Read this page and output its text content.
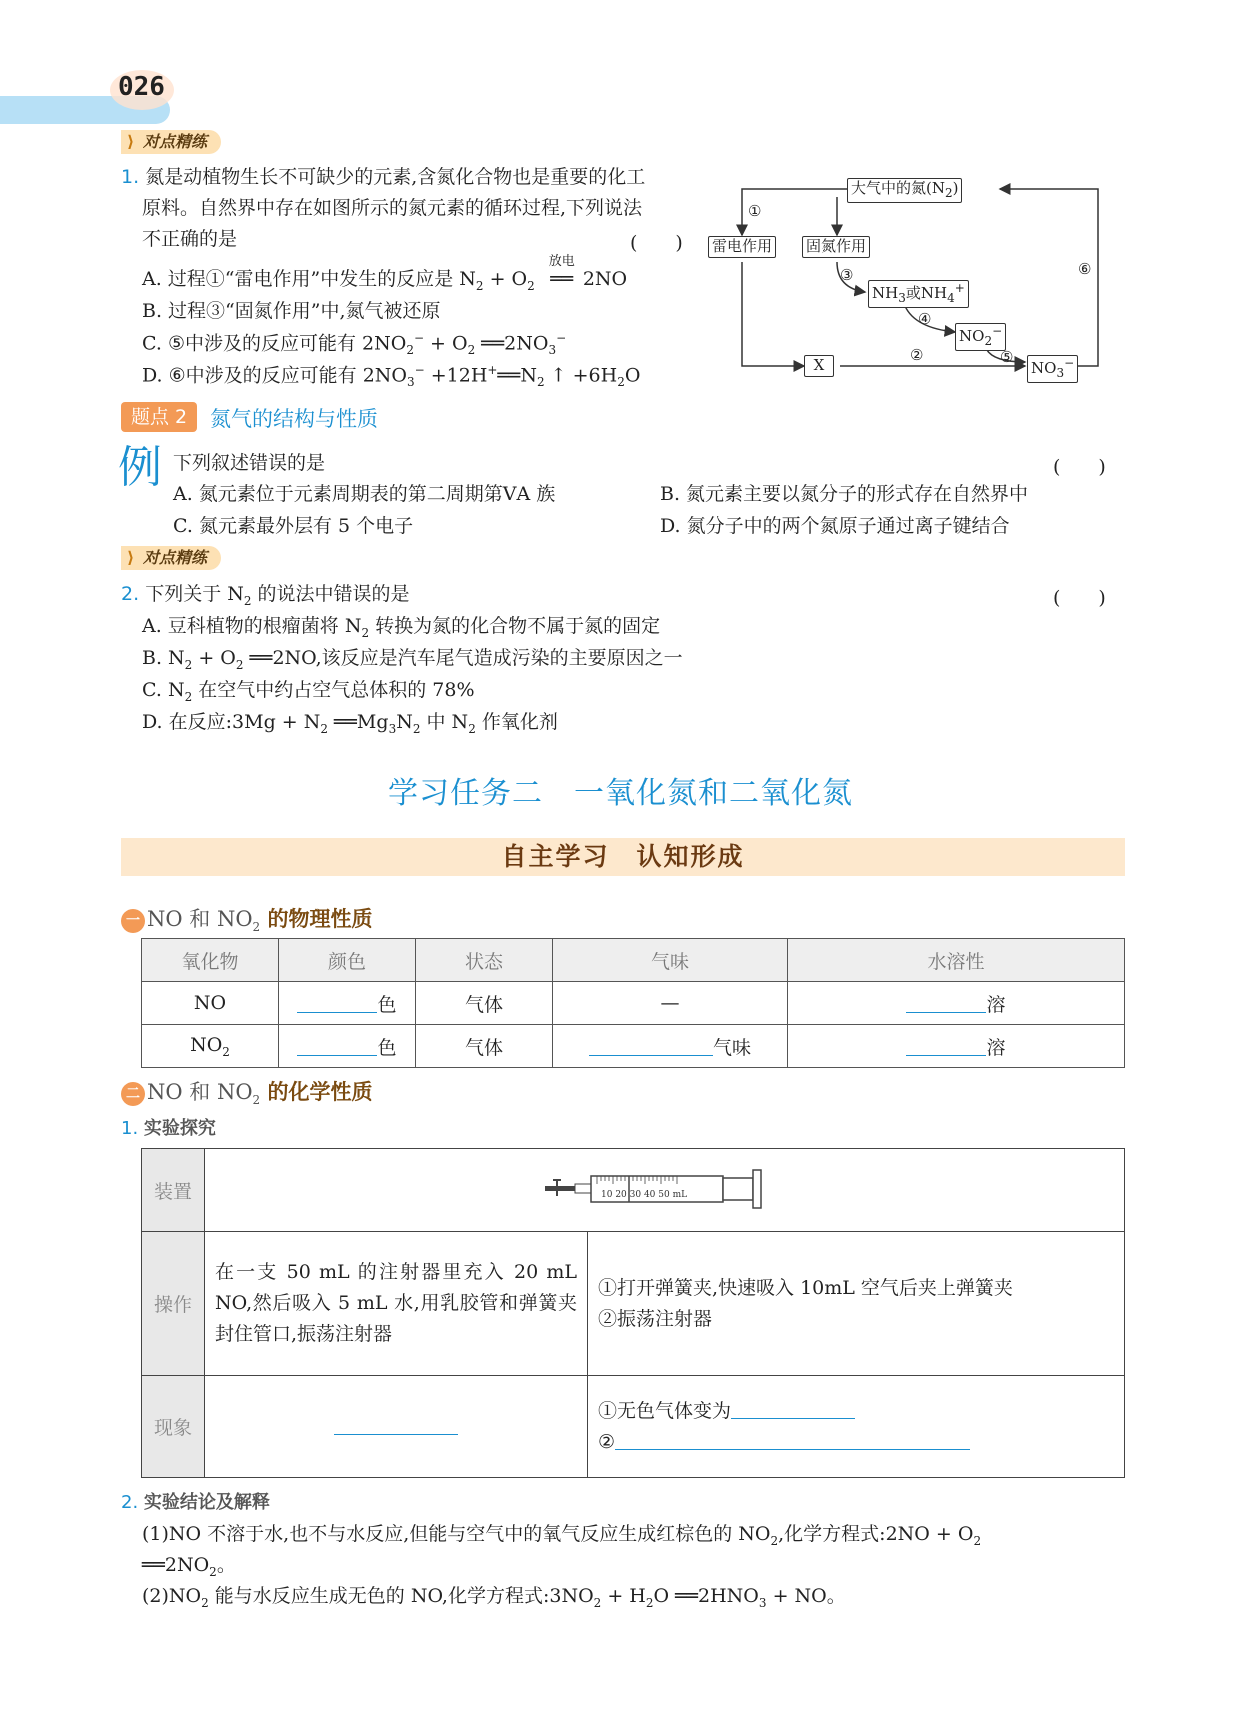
026
⟩ 对点精练
1. 氮是动植物生长不可缺少的元素,含氮化合物也是重要的化工
原料。自然界中存在如图所示的氮元素的循环过程,下列说法
不正确的是	(　　)
A. 过程①“雷电作用”中发生的反应是 $N_2 + O_2$
放电
══ 2NO
B. 过程③“固氮作用”中,氮气被还原
C. ⑤中涉及的反应可能有 $2NO_2^- + O_2$ $══2NO_3^-$
D. ⑥中涉及的反应可能有 $2NO_3^-$ $+12H^+══N_2$ ↑ $+6H_2O$
大气中的氮$(N_2)$
雷电作用 固氮作用
$NH_3$或$NH_4^+$
$NO_2^-$
X	$NO_3^-$
①
②
③
④
⑤
⑥
题点 2	氮气的结构与性质
例 下列叙述错误的是	(　　)
A. 氮元素位于元素周期表的第二周期第ⅤA 族	B. 氮元素主要以氮分子的形式存在自然界中
C. 氮元素最外层有 5 个电子	D. 氮分子中的两个氮原子通过离子键结合
⟩ 对点精练
2. 下列关于 $N_2$ 的说法中错误的是	(　　)
A. 豆科植物的根瘤菌将 $N_2$ 转换为氮的化合物不属于氮的固定
B. $N_2 + O_2$ ══2NO,该反应是汽车尾气造成污染的主要原因之一
C. $N_2$ 在空气中约占空气总体积的 78%
D. 在反应:3Mg + $N_2$ $══Mg_3N_2$ 中 $N_2$ 作氧化剂
学习任务二　一氧化氮和二氧化氮
自主学习　认知形成
一 NO 和 $NO_2$ 的物理性质
氧化物	颜色	状态	气味	水溶性
NO	色	气体	—	溶
$NO_2$	色	气体	气味	溶
二 NO 和 $NO_2$ 的化学性质
1. 实验探究
装置	10 20 30 40 50 mL	

操作	在一支 50 mL 的注射器里充入 20 mL NO,然后吸入 5 mL 水,用乳胶管和弹簧夹封住管口,振荡注射器	①打开弹簧夹,快速吸入 10mL 空气后夹上弹簧夹
②振荡注射器

现象		①无色气体变为
②
2. 实验结论及解释
(1)NO 不溶于水,也不与水反应,但能与空气中的氧气反应生成红棕色的 $NO_2$,化学方程式:2NO + $O_2$
$══2NO_2$。
$(2)NO_2$ 能与水反应生成无色的 NO,化学方程式$:3NO_2 + H_2O$ $══2HNO_3$ + NO。
